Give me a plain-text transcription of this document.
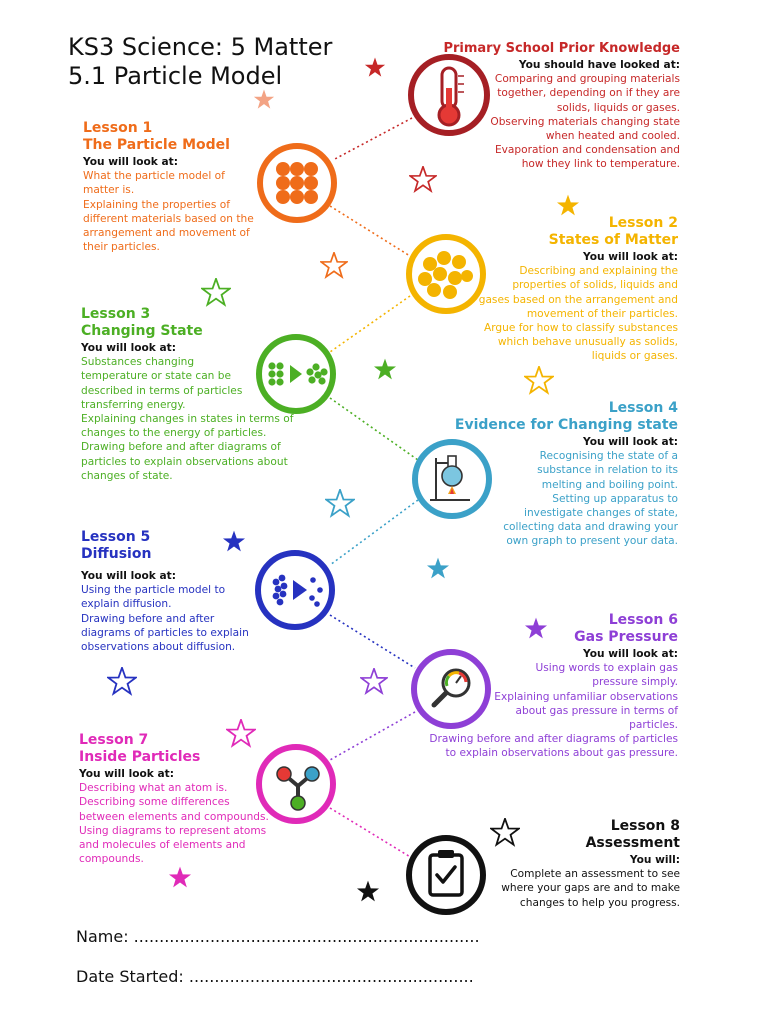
KS3 Science: 5 Matter
5.1 Particle Model
Primary School Prior Knowledge
You should have looked at:
Comparing and grouping materials
together, depending on if they are
solids, liquids or gases.
Observing materials changing state
when heated and cooled.
Evaporation and condensation and
how they link to temperature.
Lesson 1
The Particle Model
You will look at:
What the particle model of
matter is.
Explaining the properties of
different materials based on the
arrangement and movement of
their particles.
Lesson 2
States of Matter
You will look at:
Describing and explaining the
properties of solids, liquids and
gases based on the arrangement and
movement of their particles.
Argue for how to classify substances
which behave unusually as solids,
liquids or gases.
Lesson 3
Changing State
You will look at:
Substances changing
temperature or state can be
described in terms of particles
transferring energy.
Explaining changes in states in terms of
changes to the energy of particles.
Drawing before and after diagrams of
particles to explain observations about
changes of state.
Lesson 4
Evidence for Changing state
You will look at:
Recognising the state of a
substance in relation to its
melting and boiling point.
Setting up apparatus to
investigate changes of state,
collecting data and drawing your
own graph to present your data.
Lesson 5
Diffusion
You will look at:
Using the particle model to
explain diffusion.
Drawing before and after
diagrams of particles to explain
observations about diffusion.
Lesson 6
Gas Pressure
You will look at:
Using words to explain gas
pressure simply.
Explaining unfamiliar observations
about gas pressure in terms of
particles.
Drawing before and after diagrams of particles
to explain observations about gas pressure.
Lesson 7
Inside Particles
You will look at:
Describing what an atom is.
Describing some differences
between elements and compounds.
Using diagrams to represent atoms
and molecules of elements and
compounds.
Lesson 8
Assessment
You will:
Complete an assessment to see
where your gaps are and to make
changes to help you progress.
Name: ....................................................................
Date Started: ........................................................
